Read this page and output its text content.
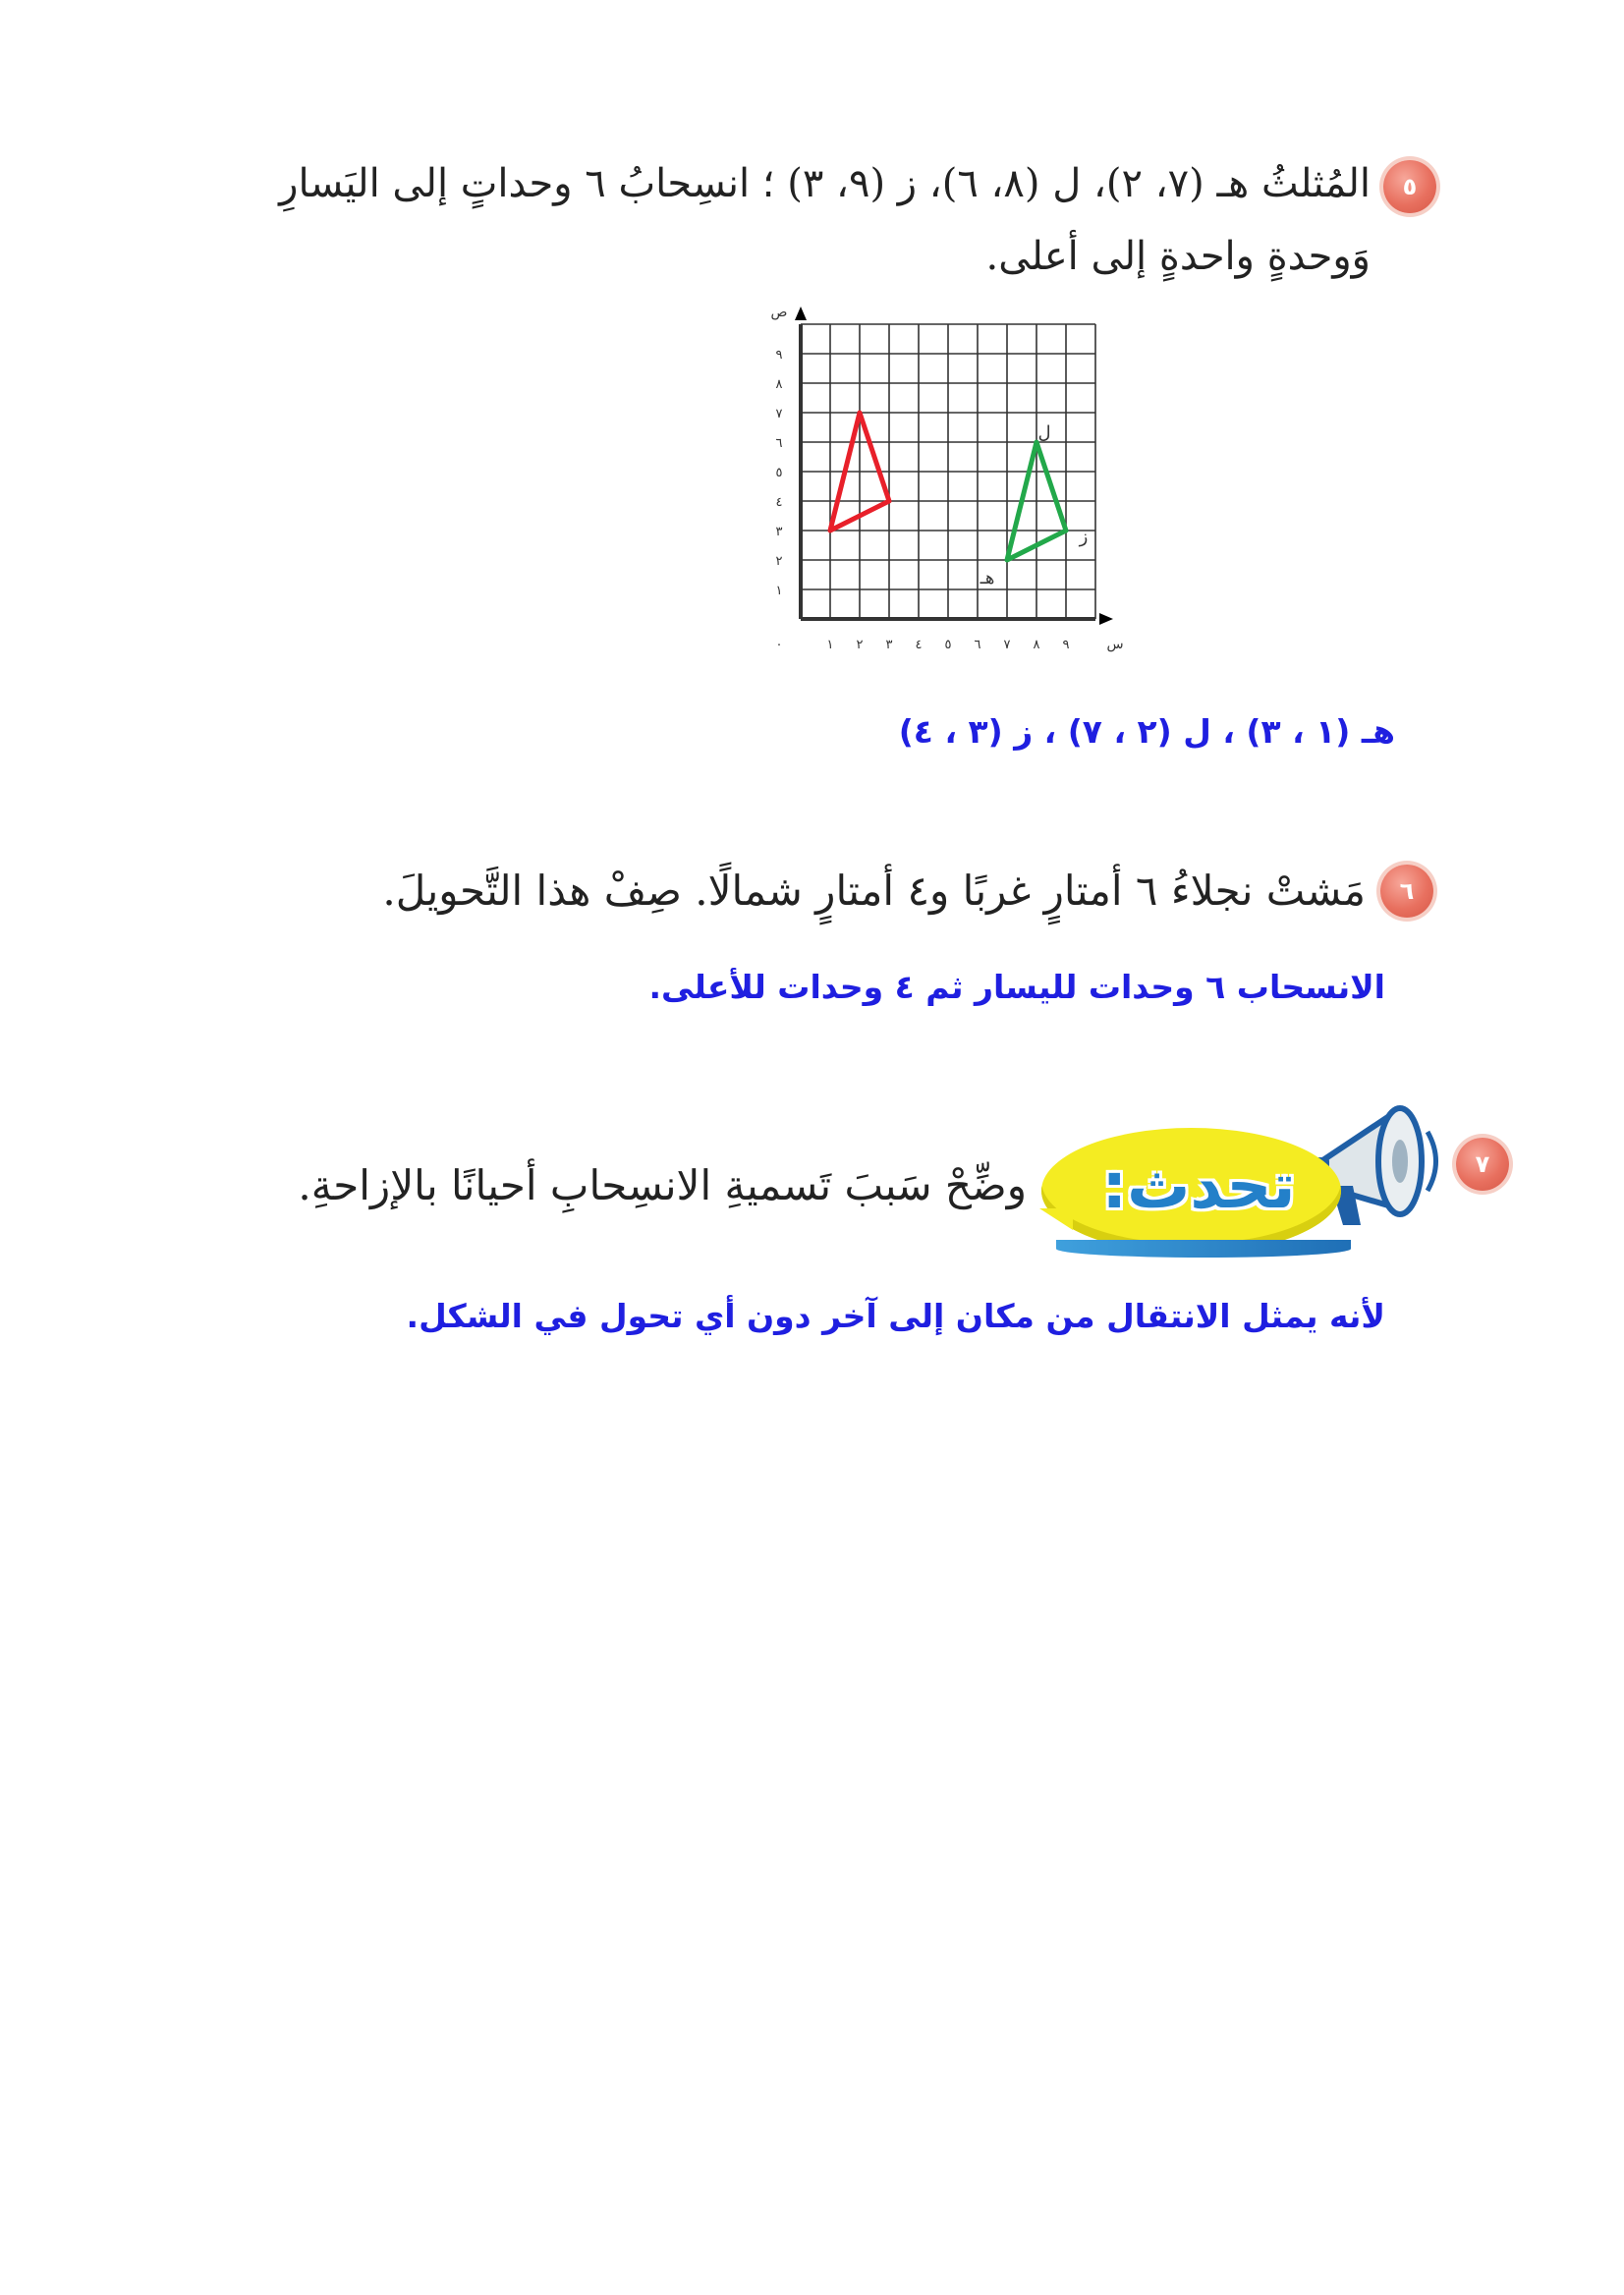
٥
المُثلثُ هـ (٧، ٢)، ل (٨، ٦)، ز (٩، ٣) ؛ انسِحابُ ٦ وحداتٍ إلى اليَسارِ
وَوحدةٍ واحدةٍ إلى أعلى.
١ ٢ ٣ ٤ ٥ ٦ ٧ ٨ ٩
١
٢
٣
٤
٥
٦
٧
٨
٩
٠	س
ص
هـ
ل
ز
هـ (١ ، ٣) ، ل (٢ ، ٧) ، ز (٣ ، ٤)
٦
مَشتْ نجلاءُ ٦ أمتارٍ غربًا و٤ أمتارٍ شمالًا. صِفْ هذا التَّحويلَ.
الانسحاب ٦ وحدات لليسار ثم ٤ وحدات للأعلى.
٧
تحدث:
وضِّحْ سَببَ تَسميةِ الانسِحابِ أحيانًا بالإزاحةِ.
لأنه يمثل الانتقال من مكان إلى آخر دون أي تحول في الشكل.
